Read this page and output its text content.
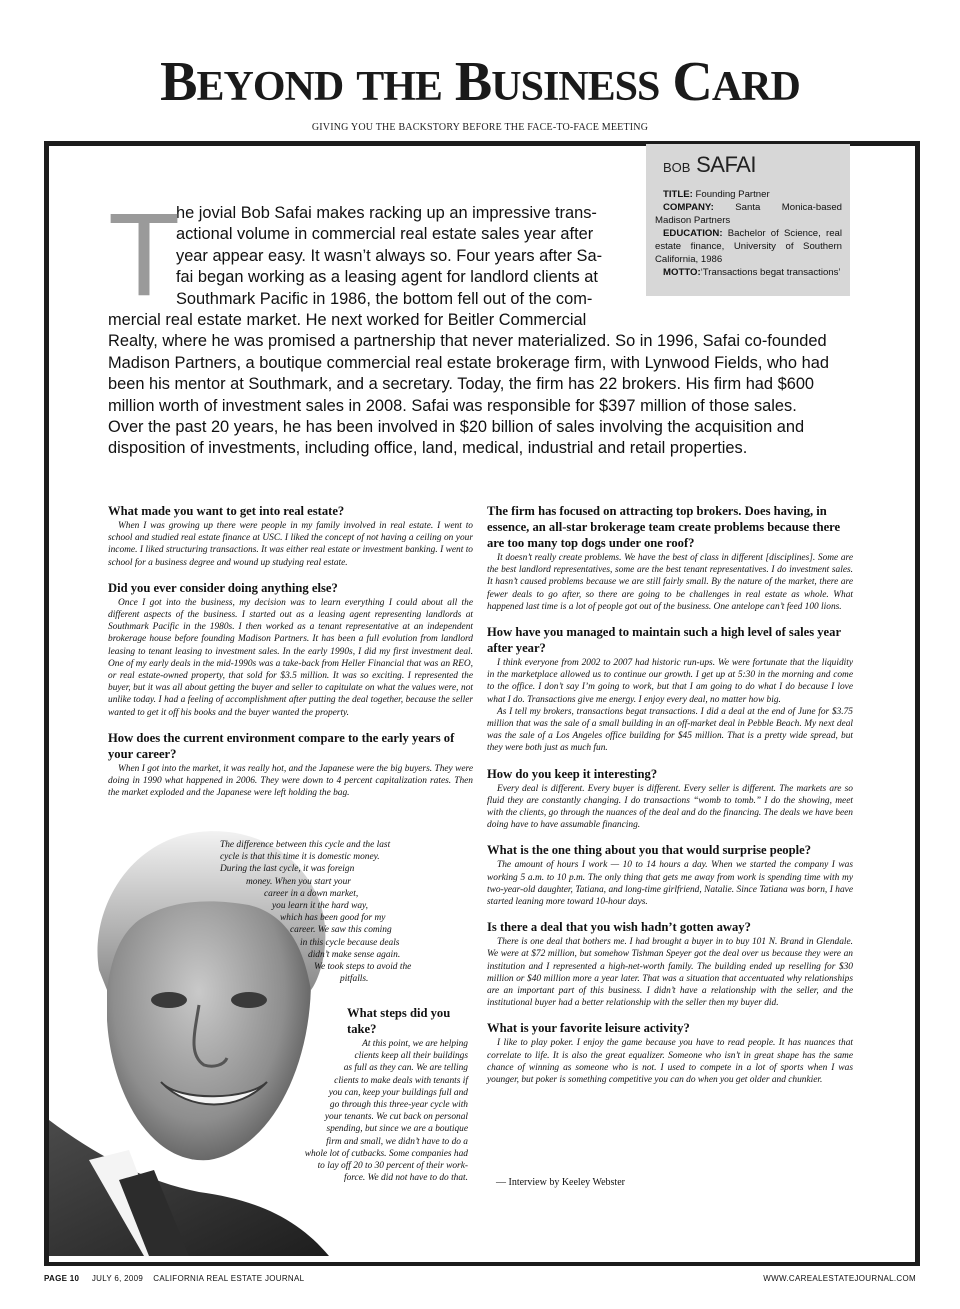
BEYOND THE BUSINESS CARD
GIVING YOU THE BACKSTORY BEFORE THE FACE-TO-FACE MEETING
BOB SAFAI

TITLE: Founding Partner

COMPANY: Santa Monica-based Madison Partners

EDUCATION: Bachelor of Science, real estate finance, University of Southern California, 1986

MOTTO:‘Transactions begat transactions’

T
he jovial Bob Safai makes racking up an impressive trans-
actional volume in commercial real estate sales year after
year appear easy. It wasn’t always so. Four years after Sa-
fai began working as a leasing agent for landlord clients at
Southmark Pacific in 1986, the bottom fell out of the com-
mercial real estate market. He next worked for Beitler Commercial
Realty, where he was promised a partnership that never materialized. So in 1996, Safai co-founded
Madison Partners, a boutique commercial real estate brokerage firm, with Lynwood Fields, who had
been his mentor at Southmark, and a secretary. Today, the firm has 22 brokers. His firm had $600
million worth of investment sales in 2008. Safai was responsible for $397 million of those sales.
Over the past 20 years, he has been involved in $20 billion of sales involving the acquisition and
disposition of investments, including office, land, medical, industrial and retail properties.
What made you want to get into real estate?

When I was growing up there were people in my family involved in real estate. I went to school and studied real estate finance at USC. I liked the concept of not having a ceiling on your income. I liked structuring transactions. It was either real estate or investment banking. I went to school for a business degree and wound up studying real estate.

Did you ever consider doing anything else?

Once I got into the business, my decision was to learn everything I could about all the different aspects of the business. I started out as a leasing agent representing landlords at Southmark Pacific in the 1980s. I then worked as a tenant representative at an independent brokerage house before founding Madison Partners. It has been a full evolution from landlord leasing to tenant leasing to investment sales. In the early 1990s, I did my first investment deal. One of my early deals in the mid-1990s was a take-back from Heller Financial that was an REO, or real estate-owned property, that sold for $3.5 million. It was so exciting. I represented the buyer, but it was all about getting the buyer and seller to capitulate on what the values were, not unlike today. I had a feeling of accomplishment after putting the deal together, because the seller wanted to get it off his books and the buyer wanted the property.

How does the current environment compare to the early years of your career?

When I got into the market, it was really hot, and the Japanese were the big buyers. They were doing in 1990 what happened in 2006. They were down to 4 percent capitalization rates. Then the market exploded and the Japanese were left holding the bag.

The difference between this cycle and the last
cycle is that this time it is domestic money.
During the last cycle, it was foreign
money. When you start your
career in a down market,
you learn it the hard way,
which has been good for my
career. We saw this coming
in this cycle because deals
didn’t make sense again.
We took steps to avoid the
pitfalls.
What steps did you take?
At this point, we are helping
clients keep all their buildings
as full as they can. We are telling
clients to make deals with tenants if
you can, keep your buildings full and
go through this three-year cycle with
your tenants. We cut back on personal
spending, but since we are a boutique
firm and small, we didn’t have to do a
whole lot of cutbacks. Some companies had
to lay off 20 to 30 percent of their work-
force. We did not have to do that.
The firm has focused on attracting top brokers. Does having, in essence, an all-star brokerage team create problems because there are too many top dogs under one roof?

It doesn’t really create problems. We have the best of class in different [disciplines]. Some are the best landlord representatives, some are the best tenant representatives. I do investment sales. It hasn’t caused problems because we are still fairly small. By the nature of the market, there are fewer deals to go after, so there are going to be challenges in real estate as whole. What happened last time is a lot of people got out of the business. One antelope can’t feed 100 lions.

How have you managed to maintain such a high level of sales year after year?

I think everyone from 2002 to 2007 had historic run-ups. We were fortunate that the liquidity in the marketplace allowed us to continue our growth. I get up at 5:30 in the morning and come to the office. I don’t say I’m going to work, but that I am going to do what I do because I love what I do. Transactions give me energy. I enjoy every deal, no matter how big.

As I tell my brokers, transactions begat transactions. I did a deal at the end of June for $3.75 million that was the sale of a small building in an off-market deal in Pebble Beach. My next deal was the sale of a Los Angeles office building for $45 million. That is a pretty wide spread, but they were both just as much fun.

How do you keep it interesting?

Every deal is different. Every buyer is different. Every seller is different. The markets are so fluid they are constantly changing. I do transactions “womb to tomb.” I do the showing, meet with the clients, go through the nuances of the deal and do the financing. The deals we have been doing have to have assumable financing.

What is the one thing about you that would surprise people?

The amount of hours I work — 10 to 14 hours a day. When we started the company I was working 5 a.m. to 10 p.m. The only thing that gets me away from work is spending time with my two-year-old daughter, Tatiana, and long-time girlfriend, Natalie. Since Tatiana was born, I have started leaning more toward 10-hour days.

Is there a deal that you wish hadn’t gotten away?

There is one deal that bothers me. I had brought a buyer in to buy 101 N. Brand in Glendale. We were at $72 million, but somehow Tishman Speyer got the deal over us because they were an institution and I represented a high-net-worth family. The building ended up reselling for $30 million or $40 million more a year later. That was a situation that accentuated why relationships are an important part of this business. I didn’t have a relationship with the seller, and the institutional buyer had a better relationship with the seller then my buyer did.

What is your favorite leisure activity?

I like to play poker. I enjoy the game because you have to read people. It has nuances that correlate to life. It is also the great equalizer. Someone who isn’t in great shape has the same chance of winning as someone who is not. I used to compete in a lot of sports when I was younger, but poker is something competitive you can do when you get older and chunkier.

— Interview by Keeley Webster
PAGE 10 JULY 6, 2009 CALIFORNIA REAL ESTATE JOURNAL	WWW.CAREALESTATEJOURNAL.COM
